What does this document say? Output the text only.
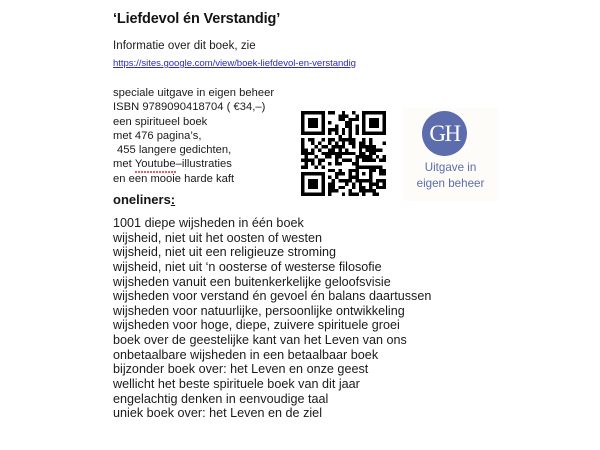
‘Liefdevol én Verstandig’
Informatie over dit boek, zie
https://sites.google.com/view/boek-liefdevol-en-verstandig
speciale uitgave in eigen beheer
ISBN 9789090418704 ( €34,–)
een spiritueel boek
met 476 pagina’s,
455 langere gedichten,
met Youtube–illustraties
en een mooie harde kaft
GH
Uitgave in
eigen beheer
oneliners:
1001 diepe wijsheden in één boek
wijsheid, niet uit het oosten of westen
wijsheid, niet uit een religieuze stroming
wijsheid, niet uit ‘n oosterse of westerse filosofie
wijsheden vanuit een buitenkerkelijke geloofsvisie
wijsheden voor verstand én gevoel én balans daartussen
wijsheden voor natuurlijke, persoonlijke ontwikkeling
wijsheden voor hoge, diepe, zuivere spirituele groei
boek over de geestelijke kant van het Leven van ons
onbetaalbare wijsheden in een betaalbaar boek
bijzonder boek over: het Leven en onze geest
wellicht het beste spirituele boek van dit jaar
engelachtig denken in eenvoudige taal
uniek boek over: het Leven en de ziel
